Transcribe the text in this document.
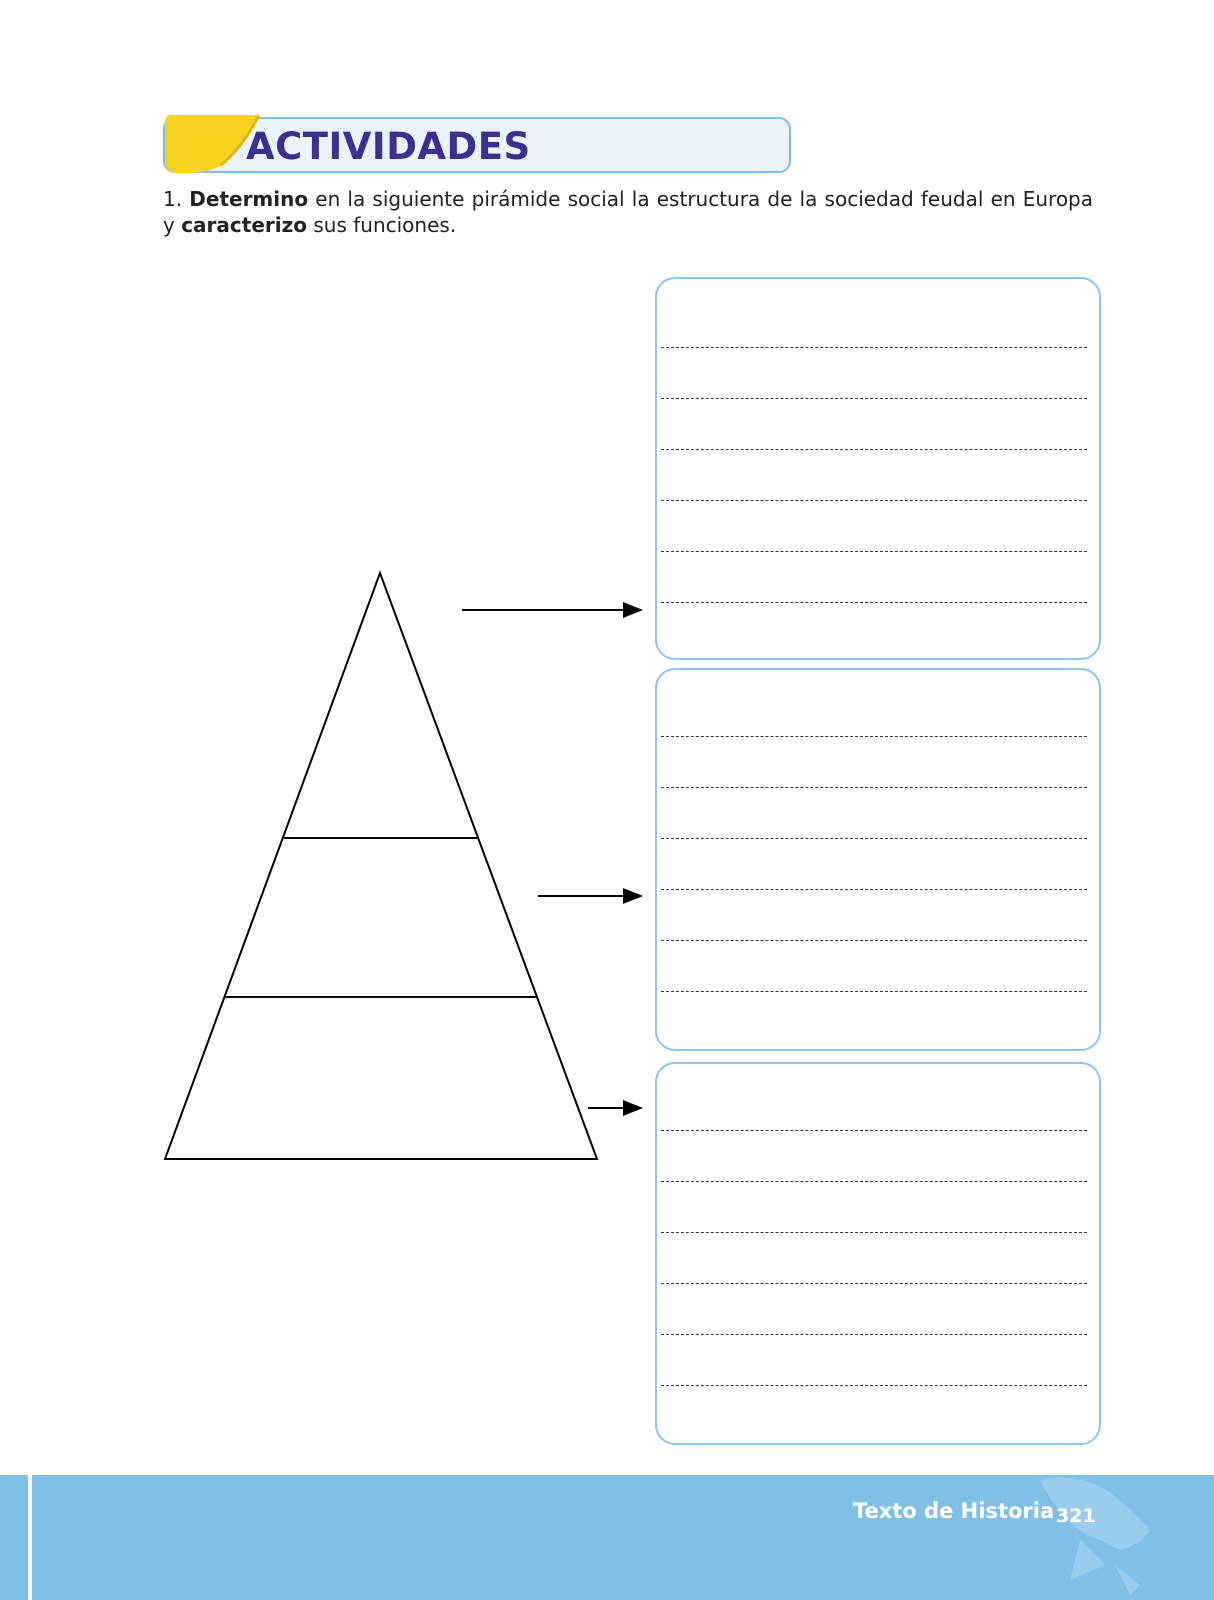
ACTIVIDADES
1. Determino en la siguiente pirámide social la estructura de la sociedad feudal en Europa y caracterizo sus funciones.
Texto de Historia 321
